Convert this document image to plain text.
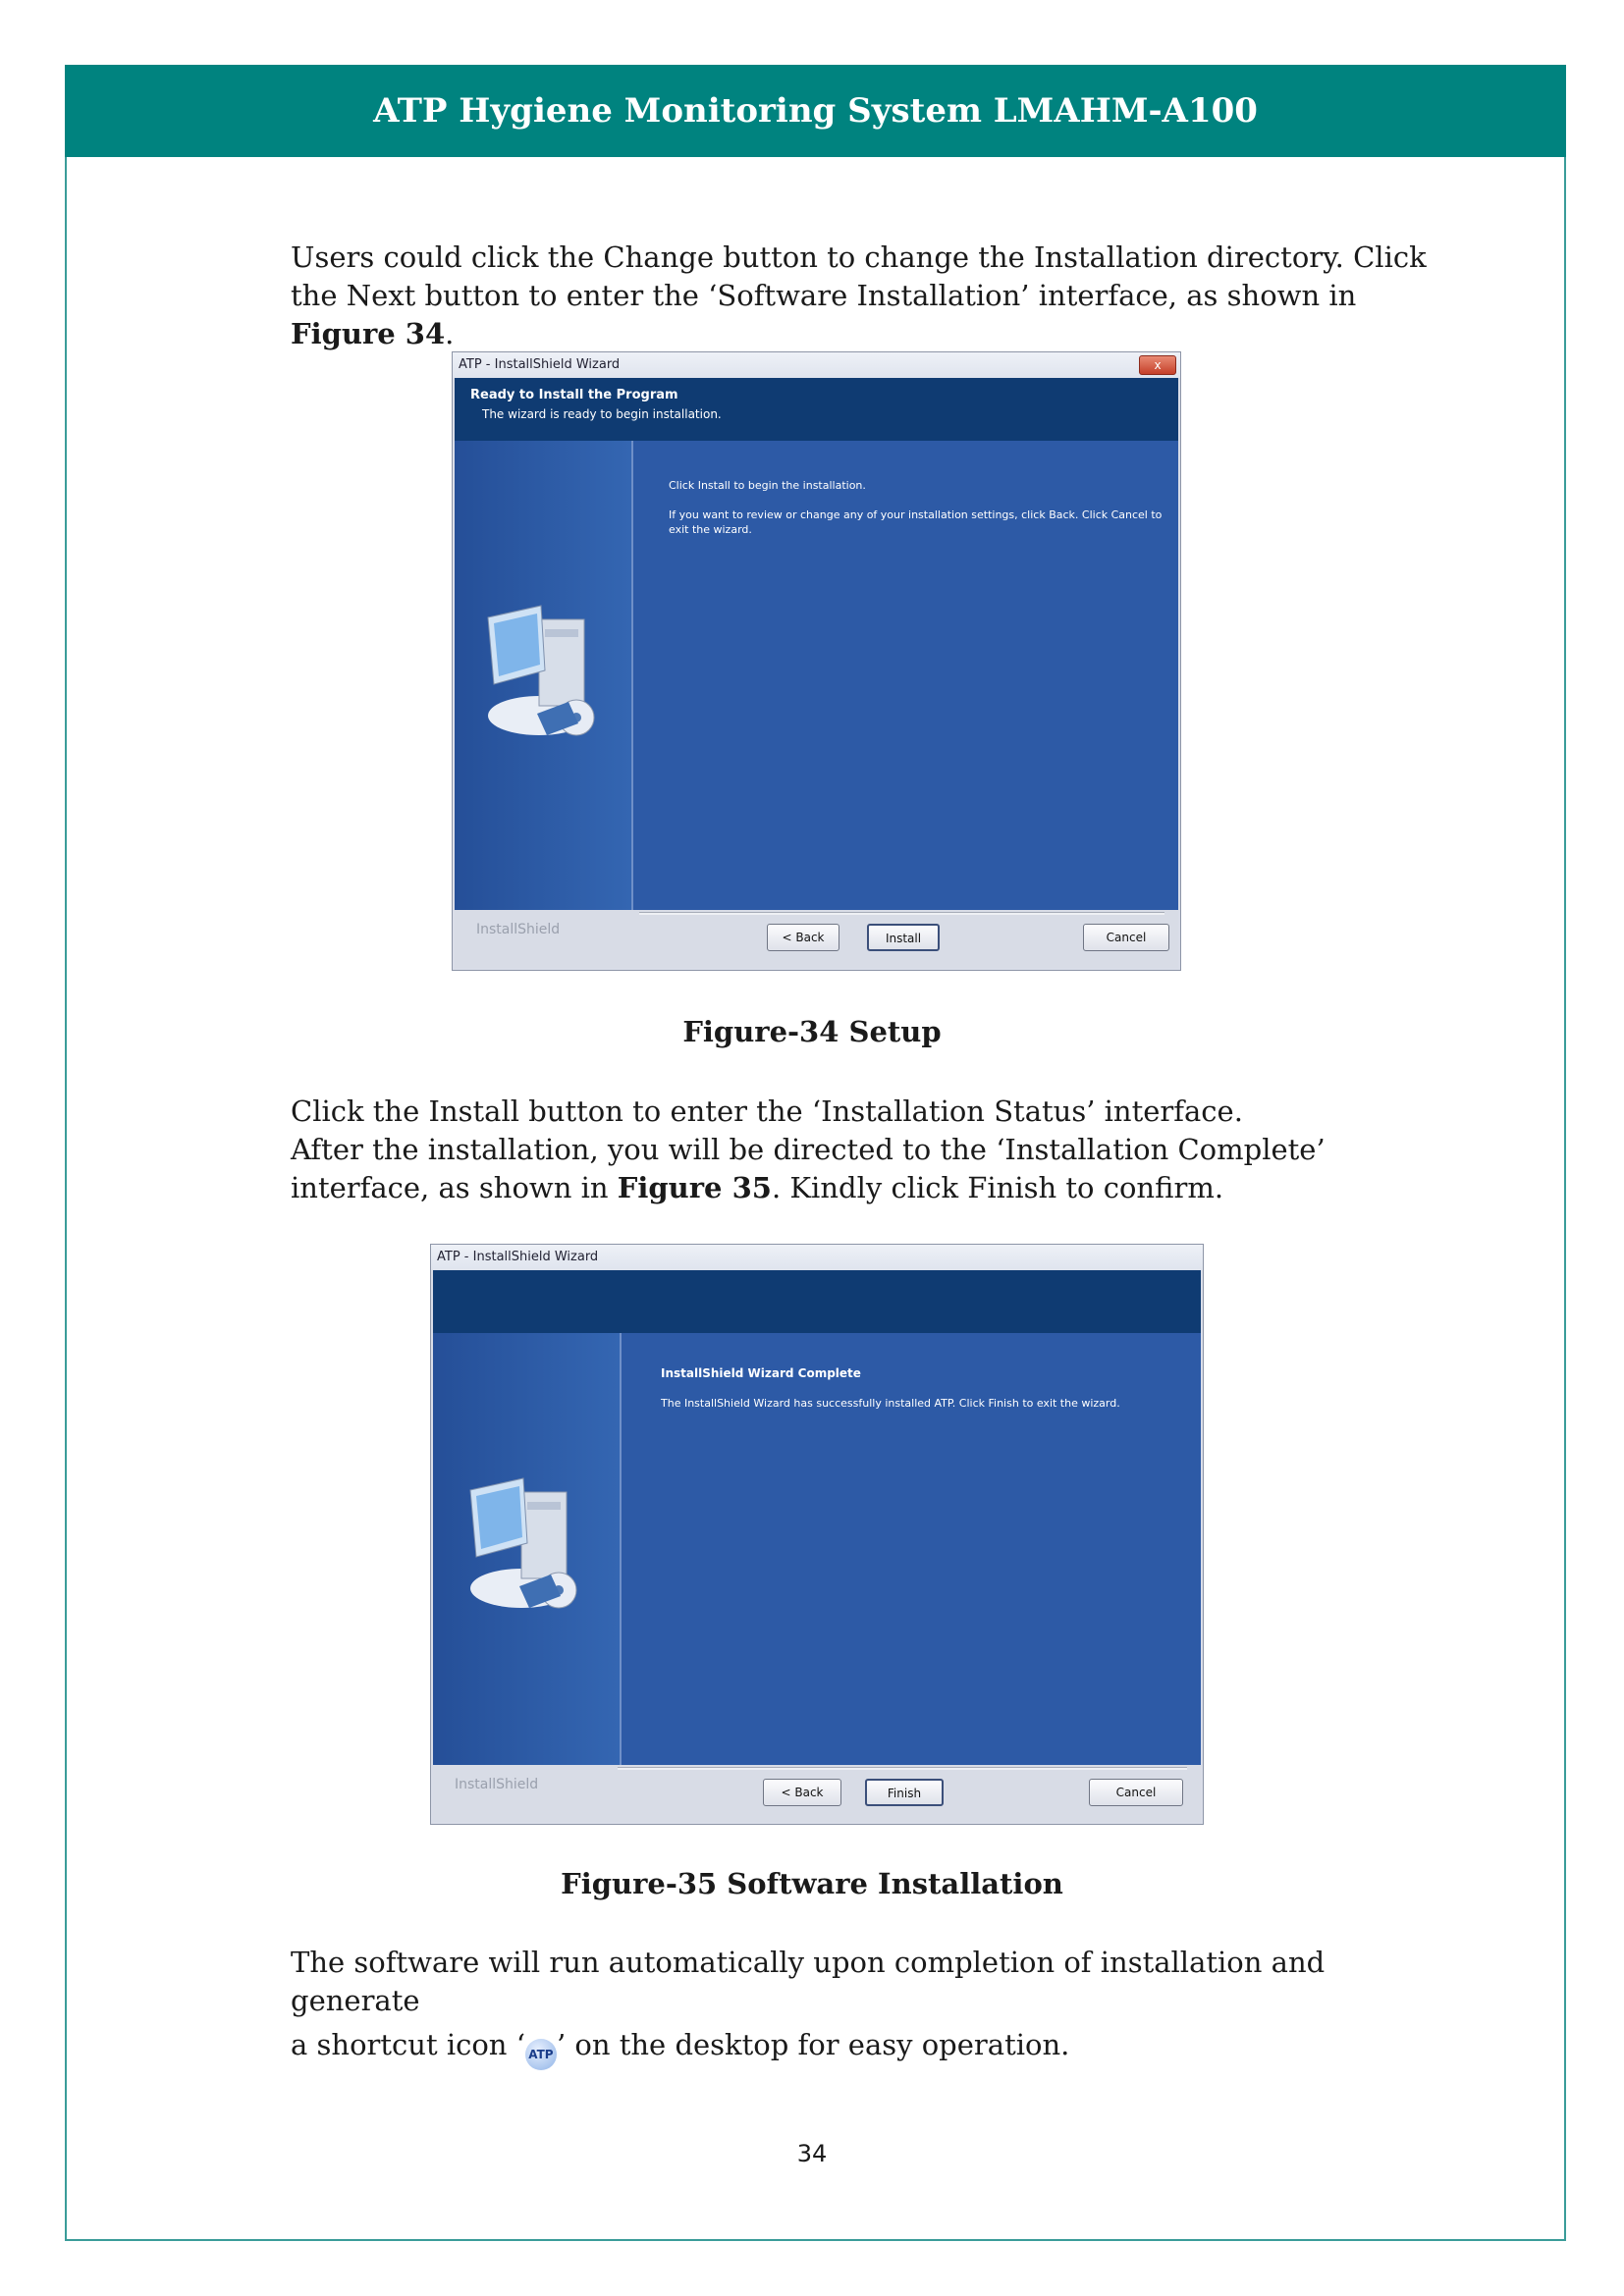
ATP Hygiene Monitoring System LMAHM-A100
Users could click the Change button to change the Installation directory. Click the Next button to enter the ‘Software Installation’ interface, as shown in Figure 34.
ATP - InstallShield Wizard	x
Ready to Install the Program
The wizard is ready to begin installation.
Click Install to begin the installation.
If you want to review or change any of your installation settings, click Back. Click Cancel to exit the wizard.
InstallShield	< Back	Install	Cancel
Figure-34 Setup
Click the Install button to enter the ‘Installation Status’ interface.
After the installation, you will be directed to the ‘Installation Complete’ interface, as shown in Figure 35. Kindly click Finish to confirm.
ATP - InstallShield Wizard
InstallShield Wizard Complete
The InstallShield Wizard has successfully installed ATP. Click Finish to exit the wizard.
InstallShield	< Back	Finish	Cancel
Figure-35 Software Installation
The software will run automatically upon completion of installation and generate
a shortcut icon ‘ ATP ’ on the desktop for easy operation.
34
